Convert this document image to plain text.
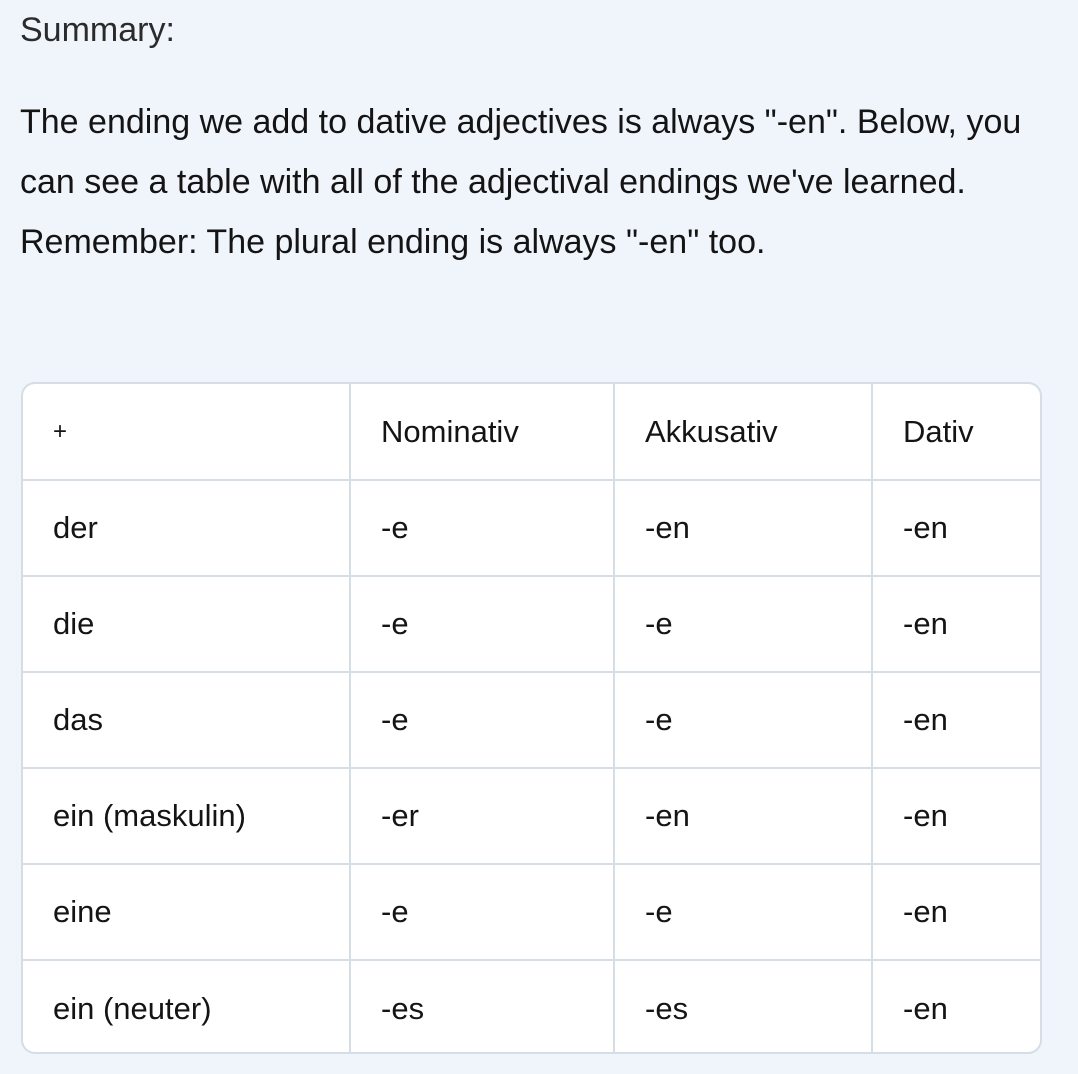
Summary:

The ending we add to dative adjectives is always "-en". Below, you can see a table with all of the adjectival endings we've learned. Remember: The plural ending is always "-en" too.

+	Nominativ	Akkusativ	Dativ
der	-e	-en	-en
die	-e	-e	-en
das	-e	-e	-en
ein (maskulin)	-er	-en	-en
eine	-e	-e	-en
ein (neuter)	-es	-es	-en
